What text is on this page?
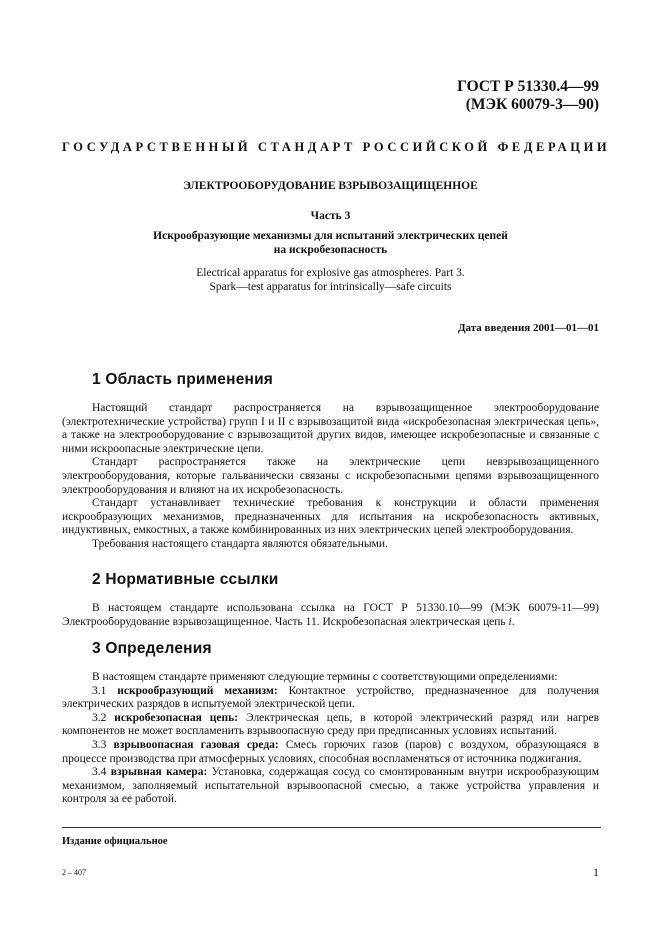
ГОСТ Р 51330.4—99
(МЭК 60079-3—90)
ГОСУДАРСТВЕННЫЙ СТАНДАРТ РОССИЙСКОЙ ФЕДЕРАЦИИ
ЭЛЕКТРООБОРУДОВАНИЕ ВЗРЫВОЗАЩИЩЕННОЕ
Часть 3
Искрообразующие механизмы для испытаний электрических цепей
на искробезопасность
Electrical apparatus for explosive gas atmospheres. Part 3.
Spark—test apparatus for intrinsically—safe circuits
Дата введения 2001—01—01
1 Область применения

Настоящий стандарт распространяется на взрывозащищенное электрооборудование (электротехнические устройства) групп I и II с взрывозащитой вида «искробезопасная электрическая цепь», а также на электрооборудование с взрывозащитой других видов, имеющее искробезопасные и связанные с ними искроопасные электрические цепи.

Стандарт распространяется также на электрические цепи невзрывозащищенного электрооборудования, которые гальванически связаны с искробезопасными цепями взрывозащищенного электрооборудования и влияют на их искробезопасность.

Стандарт устанавливает технические требования к конструкции и области применения искрообразующих механизмов, предназначенных для испытания на искробезопасность активных, индуктивных, емкостных, а также комбинированных из них электрических цепей электрооборудования.

Требования настоящего стандарта являются обязательными.

2 Нормативные ссылки

В настоящем стандарте использована ссылка на ГОСТ Р 51330.10—99 (МЭК 60079-11—99) Электрооборудование взрывозащищенное. Часть 11. Искробезопасная электрическая цепь i.

3 Определения

В настоящем стандарте применяют следующие термины с соответствующими определениями:

3.1 искрообразующий механизм: Контактное устройство, предназначенное для получения электрических разрядов в испытуемой электрической цепи.

3.2 искробезопасная цепь: Электрическая цепь, в которой электрический разряд или нагрев компонентов не может воспламенить взрывоопасную среду при предписанных условиях испытаний.

3.3 взрывоопасная газовая среда: Смесь горючих газов (паров) с воздухом, образующаяся в процессе производства при атмосферных условиях, способная воспламеняться от источника поджигания.

3.4 взрывная камера: Установка, содержащая сосуд со смонтированным внутри искрообразующим механизмом, заполняемый испытательной взрывоопасной смесью, а также устройства управления и контроля за ее работой.

Издание официальное
2 – 407	1
